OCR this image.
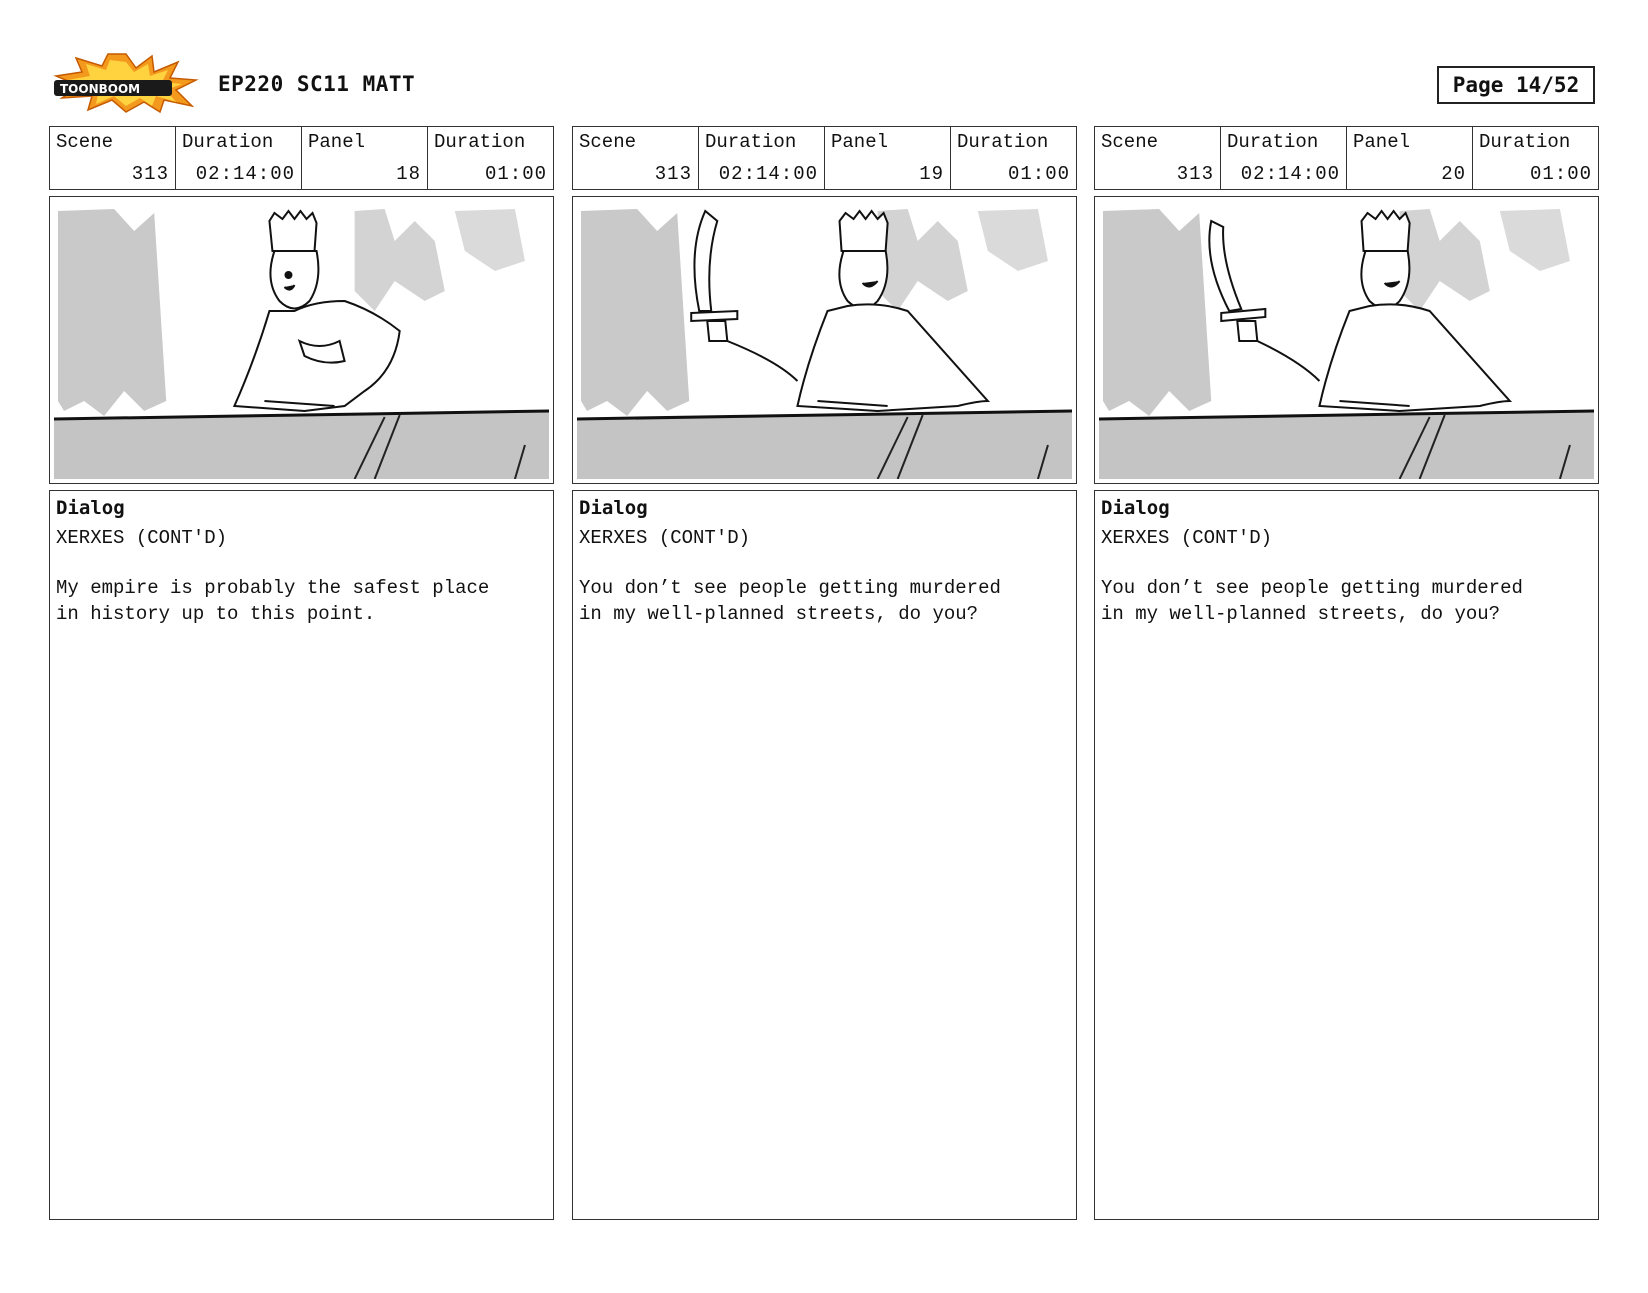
TOONBOOM	EP220 SC11 MATT	Page 14/52
Scene
313
Duration
02:14:00
Panel
18
Duration
01:00
Dialog
XERXES (CONT'D)
My empire is probably the safest place
in history up to this point.
Scene
313
Duration
02:14:00
Panel
19
Duration
01:00
Dialog
XERXES (CONT'D)
You don’t see people getting murdered
in my well-planned streets, do you?
Scene
313
Duration
02:14:00
Panel
20
Duration
01:00
Dialog
XERXES (CONT'D)
You don’t see people getting murdered
in my well-planned streets, do you?
